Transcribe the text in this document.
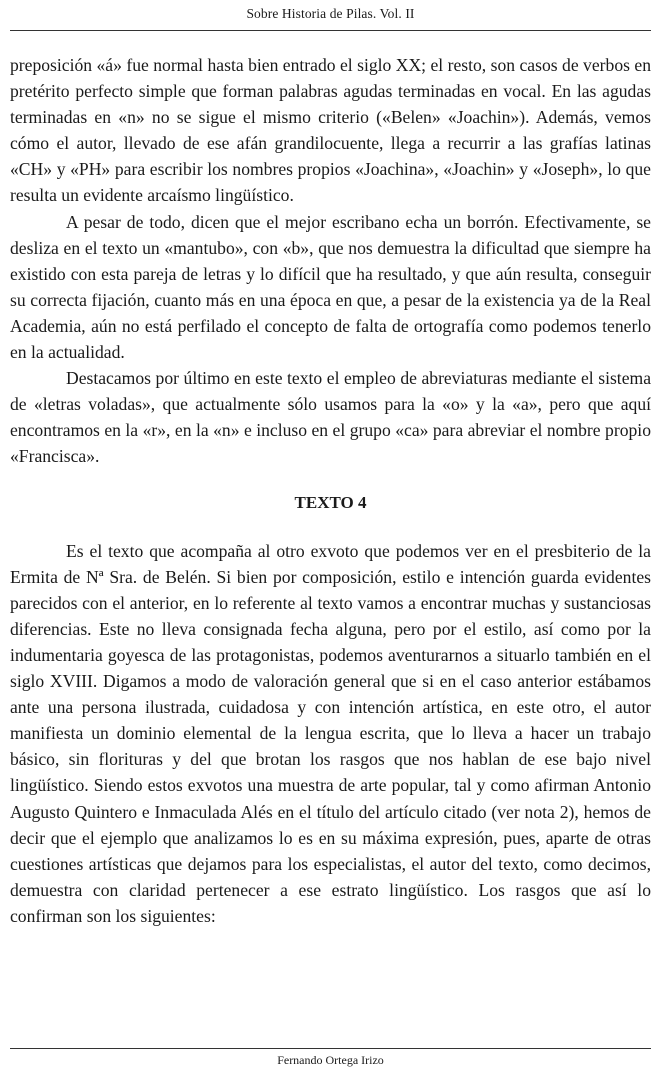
Sobre Historia de Pilas. Vol. II

preposición «á» fue normal hasta bien entrado el siglo XX; el resto, son casos de verbos en pretérito perfecto simple que forman palabras agudas terminadas en vocal. En las agudas terminadas en «n» no se sigue el mismo criterio («Belen» «Joachin»). Además, vemos cómo el autor, llevado de ese afán grandilocuente, llega a recurrir a las grafías latinas «CH» y «PH» para escribir los nombres propios «Joachina», «Joachin» y «Joseph», lo que resulta un evidente arcaísmo lingüístico.

A pesar de todo, dicen que el mejor escribano echa un borrón. Efectivamente, se desliza en el texto un «mantubo», con «b», que nos demuestra la dificultad que siempre ha existido con esta pareja de letras y lo difícil que ha resultado, y que aún resulta, conseguir su correcta fijación, cuanto más en una época en que, a pesar de la existencia ya de la Real Academia, aún no está perfilado el concepto de falta de ortografía como podemos tenerlo en la actualidad.

Destacamos por último en este texto el empleo de abreviaturas mediante el sistema de «letras voladas», que actualmente sólo usamos para la «o» y la «a», pero que aquí encontramos en la «r», en la «n» e incluso en el grupo «ca» para abreviar el nombre propio «Francisca».

TEXTO 4

Es el texto que acompaña al otro exvoto que podemos ver en el presbiterio de la Ermita de Nª Sra. de Belén. Si bien por composición, estilo e intención guarda evidentes parecidos con el anterior, en lo referente al texto vamos a encontrar muchas y sustanciosas diferencias. Este no lleva consignada fecha alguna, pero por el estilo, así como por la indumentaria goyesca de las protagonistas, podemos aventurarnos a situarlo también en el siglo XVIII. Digamos a modo de valoración general que si en el caso anterior estábamos ante una persona ilustrada, cuidadosa y con intención artística, en este otro, el autor manifiesta un dominio elemental de la lengua escrita, que lo lleva a hacer un trabajo básico, sin florituras y del que brotan los rasgos que nos hablan de ese bajo nivel lingüístico. Siendo estos exvotos una muestra de arte popular, tal y como afirman Antonio Augusto Quintero e Inmaculada Alés en el título del artículo citado (ver nota 2), hemos de decir que el ejemplo que analizamos lo es en su máxima expresión, pues, aparte de otras cuestiones artísticas que dejamos para los especialistas, el autor del texto, como decimos, demuestra con claridad pertenecer a ese estrato lingüístico. Los rasgos que así lo confirman son los siguientes:

Fernando Ortega Irizo
